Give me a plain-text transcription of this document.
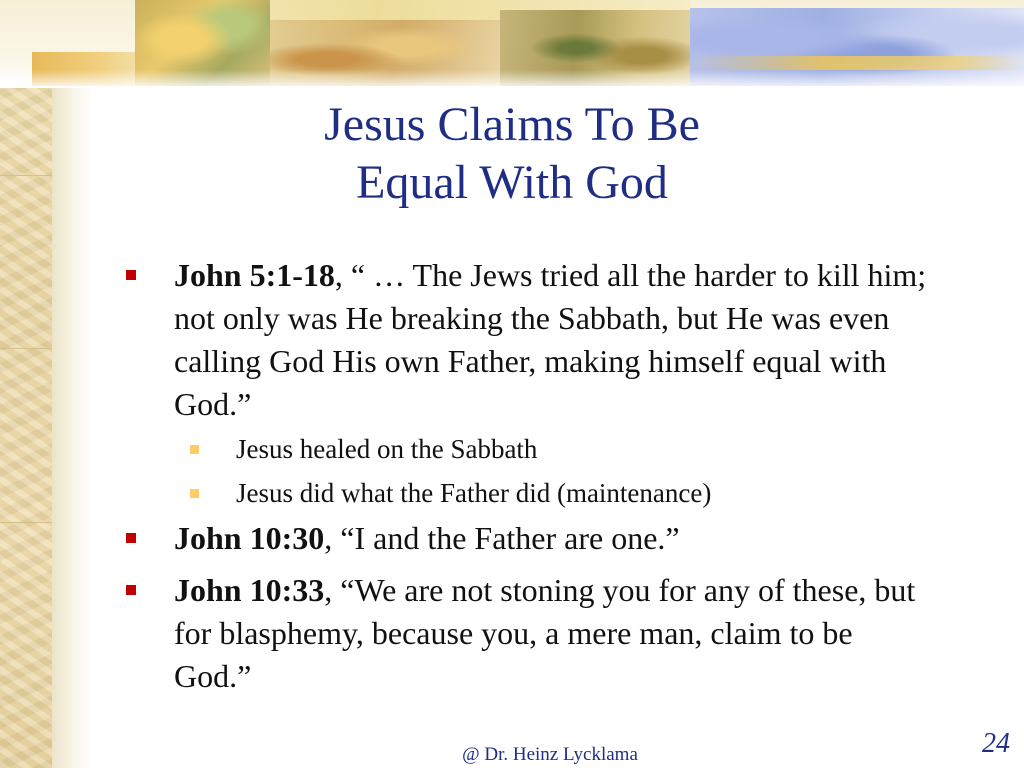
Jesus Claims To Be
Equal With God
John 5:1-18, “ … The Jews tried all the harder to kill him; not only was He breaking the Sabbath, but He was even calling God His own Father, making himself equal with God.”
Jesus healed on the Sabbath
Jesus did what the Father did (maintenance)
John 10:30, “I and the Father are one.”
John 10:33, “We are not stoning you for any of these, but for blasphemy, because you, a mere man, claim to be God.”
@ Dr. Heinz Lycklama	24
